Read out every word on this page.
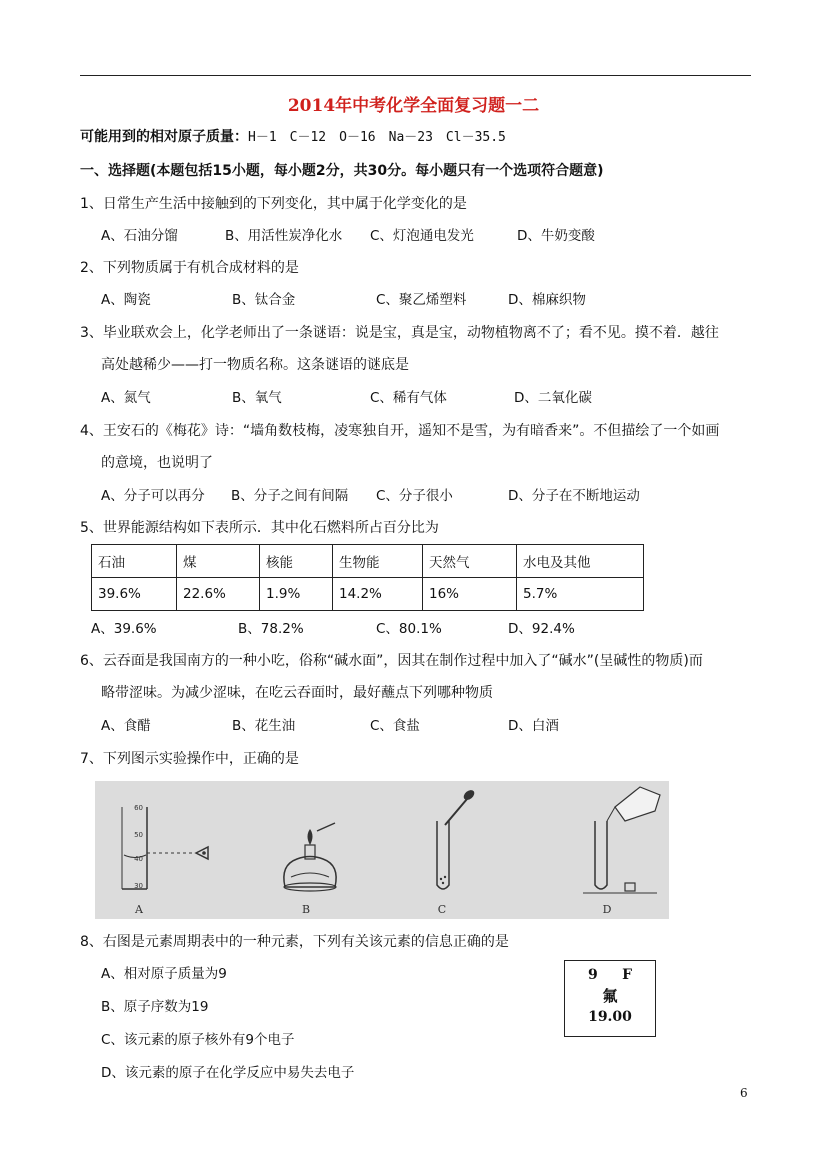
2014年中考化学全面复习题一二
可能用到的相对原子质量：H－1　C－12　O－16　Na－23　Cl－35.5
一、选择题(本题包括15小题，每小题2分，共30分。每小题只有一个选项符合题意)
1、日常生产生活中接触到的下列变化，其中属于化学变化的是
A、石油分馏	B、用活性炭净化水 C、灯泡通电发光	D、牛奶变酸
2、下列物质属于有机合成材料的是
A、陶瓷	B、钛合金	C、聚乙烯塑料	D、棉麻织物
3、毕业联欢会上，化学老师出了一条谜语：说是宝，真是宝，动物植物离不了；看不见。摸不着．越往
高处越稀少——打一物质名称。这条谜语的谜底是
A、氮气	B、氧气	C、稀有气体	D、二氧化碳
4、王安石的《梅花》诗：“墙角数枝梅，凌寒独自开，遥知不是雪，为有暗香来”。不但描绘了一个如画
的意境，也说明了
A、分子可以再分 B、分子之间有间隔 C、分子很小	D、分子在不断地运动
5、世界能源结构如下表所示．其中化石燃料所占百分比为
石油	煤	核能	生物能	天然气	水电及其他
39.6%	22.6%	1.9%	14.2%	16%	5.7%
A、39.6%	B、78.2%	C、80.1%	D、92.4%
6、云吞面是我国南方的一种小吃，俗称“碱水面”，因其在制作过程中加入了“碱水”(呈碱性的物质)而
略带涩味。为减少涩味，在吃云吞面时，最好蘸点下列哪种物质
A、食醋	B、花生油	C、食盐	D、白酒
7、下列图示实验操作中，正确的是
60
50
40
30
A	B	C	D
8、右图是元素周期表中的一种元素，下列有关该元素的信息正确的是
A、相对原子质量为9
B、原子序数为19
C、该元素的原子核外有9个电子
D、该元素的原子在化学反应中易失去电子
9 F
氟
19.00
6
